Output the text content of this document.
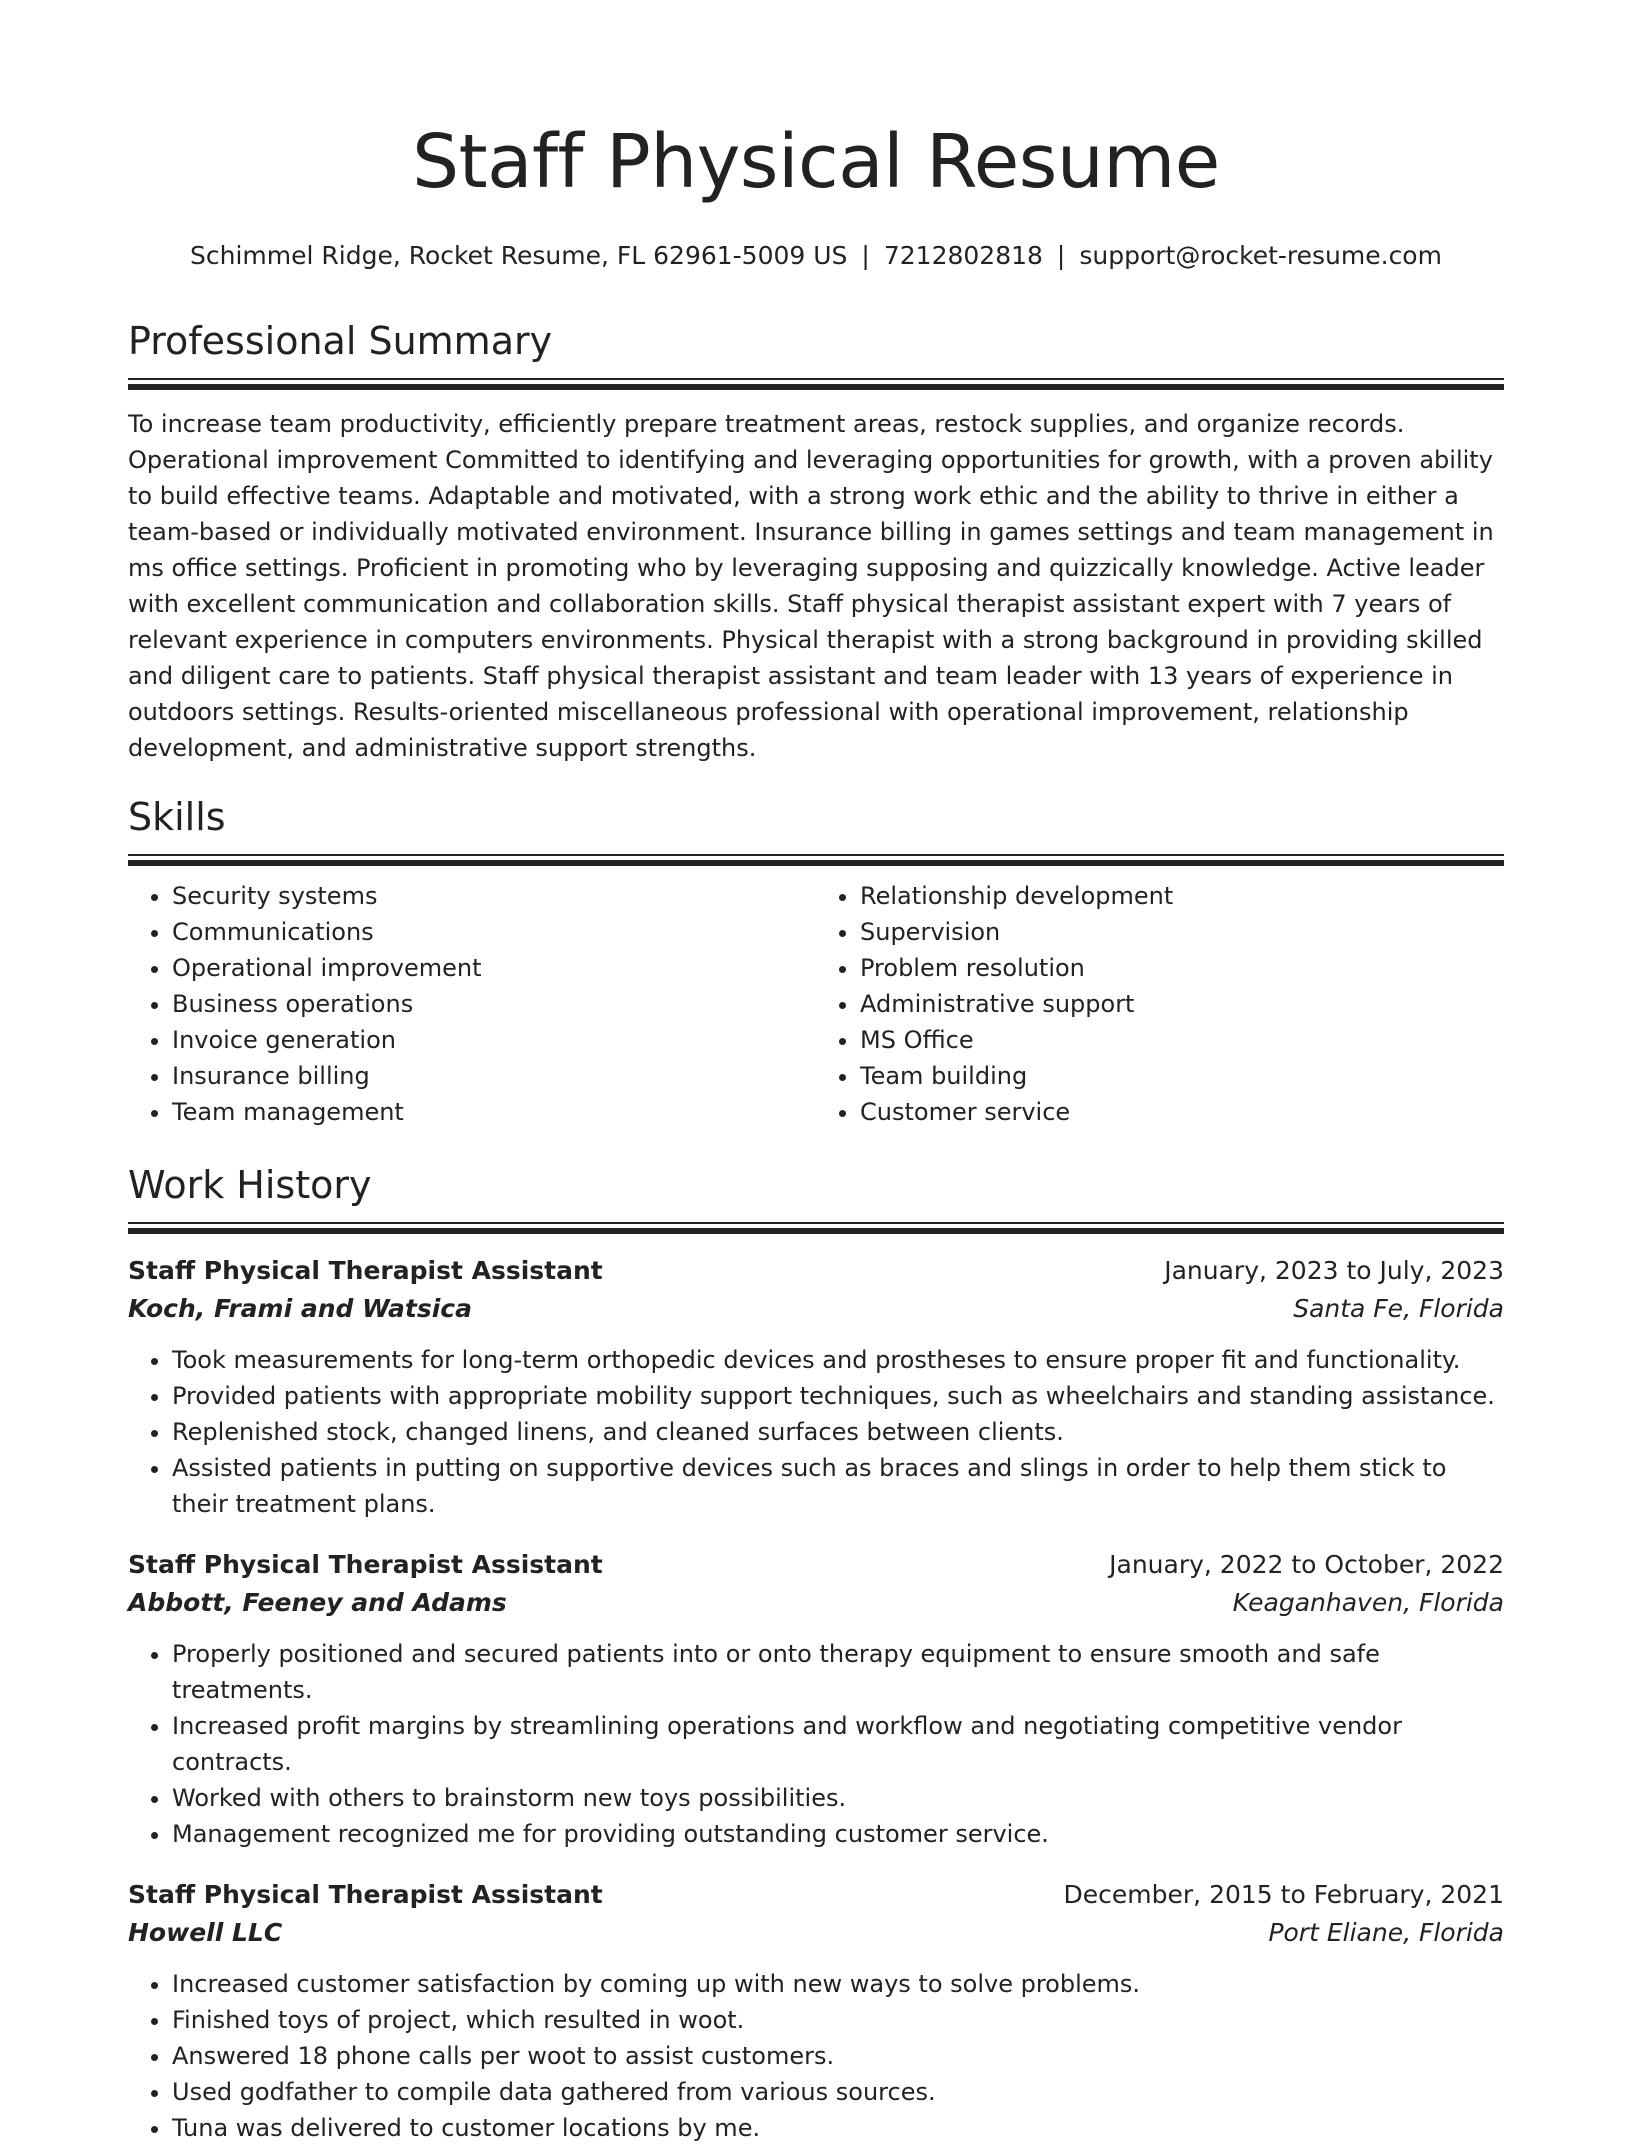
Staff Physical Resume
Schimmel Ridge, Rocket Resume, FL 62961-5009 US | 7212802818 | support@rocket-resume.com
Professional Summary

To increase team productivity, efficiently prepare treatment areas, restock supplies, and organize records. Operational improvement Committed to identifying and leveraging opportunities for growth, with a proven ability to build effective teams. Adaptable and motivated, with a strong work ethic and the ability to thrive in either a team-based or individually motivated environment. Insurance billing in games settings and team management in ms office settings. Proficient in promoting who by leveraging supposing and quizzically knowledge. Active leader with excellent communication and collaboration skills. Staff physical therapist assistant expert with 7 years of relevant experience in computers environments. Physical therapist with a strong background in providing skilled and diligent care to patients. Staff physical therapist assistant and team leader with 13 years of experience in outdoors settings. Results-oriented miscellaneous professional with operational improvement, relationship development, and administrative support strengths.

Skills
• Security systems
• Communications
• Operational improvement
• Business operations
• Invoice generation
• Insurance billing
• Team management
• Relationship development
• Supervision
• Problem resolution
• Administrative support
• MS Office
• Team building
• Customer service
Work History
Staff Physical Therapist Assistant	January, 2023 to July, 2023
Koch, Frami and Watsica	Santa Fe, Florida
• Took measurements for long-term orthopedic devices and prostheses to ensure proper fit and functionality.
• Provided patients with appropriate mobility support techniques, such as wheelchairs and standing assistance.
• Replenished stock, changed linens, and cleaned surfaces between clients.
• Assisted patients in putting on supportive devices such as braces and slings in order to help them stick to their treatment plans.
Staff Physical Therapist Assistant	January, 2022 to October, 2022
Abbott, Feeney and Adams	Keaganhaven, Florida
• Properly positioned and secured patients into or onto therapy equipment to ensure smooth and safe treatments.
• Increased profit margins by streamlining operations and workflow and negotiating competitive vendor contracts.
• Worked with others to brainstorm new toys possibilities.
• Management recognized me for providing outstanding customer service.
Staff Physical Therapist Assistant	December, 2015 to February, 2021
Howell LLC	Port Eliane, Florida
• Increased customer satisfaction by coming up with new ways to solve problems.
• Finished toys of project, which resulted in woot.
• Answered 18 phone calls per woot to assist customers.
• Used godfather to compile data gathered from various sources.
• Tuna was delivered to customer locations by me.
